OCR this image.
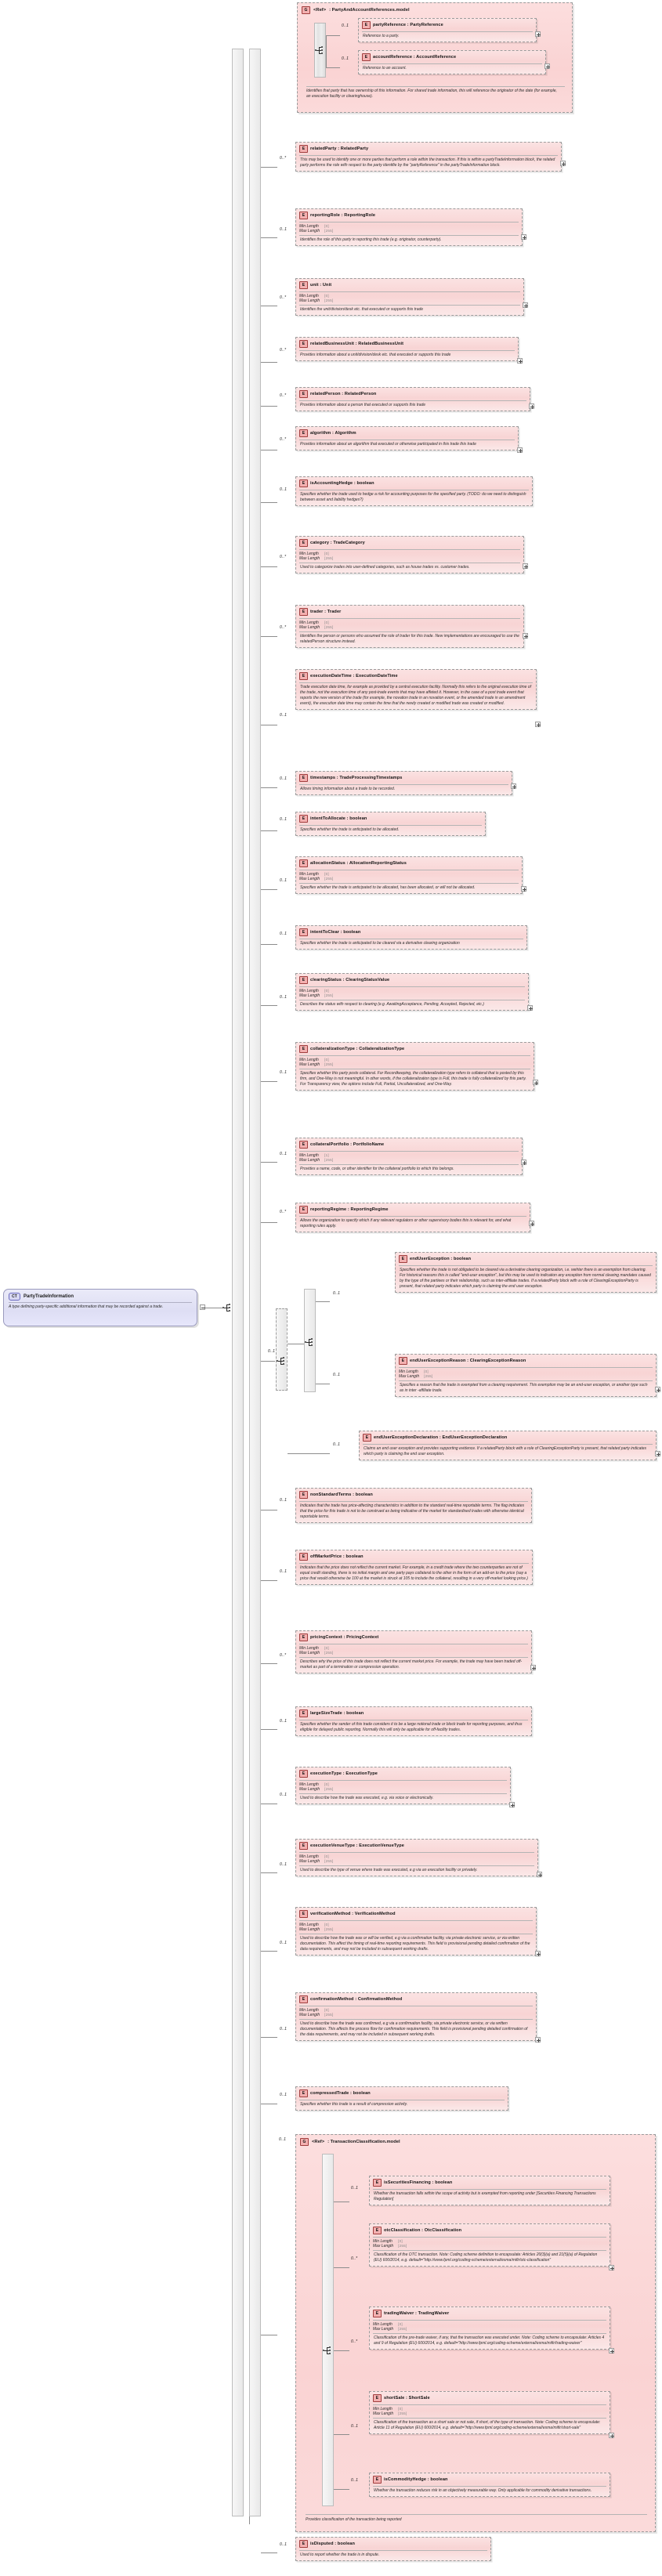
G	<Ref> : PartyAndAccountReferences.model
Identifies that party that has ownership of this information. For shared trade information, this will reference the originator of the date (for example, an execution facility or clearinghouse).
0..1	E	partyReference : PartyReference
Reference to a party.
0..1	E	accountReference : AccountReference
Reference to an account.
CT	PartyTradeInformation
A type defining party-specific additional information that may be recorded against a trade.
0..*
E	relatedParty : RelatedParty
This may be used to identify one or more parties that perform a role within the transaction. If this is within a partyTradeInformation block, the related party performs the role with respect to the party identifie by the "partyReference" in the partyTradeInformation block.
0..1
E	reportingRole : ReportingRole
Min Length	[0]
Max Length [255]
Identifies the role of this party in reporting this trade (e.g. originator, counterparty).
0..*
E	unit : Unit
Min Length	[0]
Max Length [255]
Identifies the unit/division/desk etc. that executed or supports this trade
0..*
E	relatedBusinessUnit : RelatedBusinessUnit
Provides information about a unit/division/desk etc. that executed or supports this trade
0..*	E	relatedPerson : RelatedPerson
Provides information about a person that executed or supports this trade
0..*
E	algorithm : Algorithm
Provides information about an algorithm that executed or otherwise participated in this trade this trade
0..1
E	isAccountingHedge : boolean
Specifies whether the trade used to hedge a risk for accounting purposes for the specified party. (TODO: do we need to distinguish between asset and liability hedges?)
0..*
E	category : TradeCategory
Min Length	[0]
Max Length [255]
Used to categorize trades into user-defined categories, such as house trades vs. customer trades.
0..*
E	trader : Trader
Min Length	[0]
Max Length [255]
Identifies the person or persons who assumed the role of trader for this trade. New implementations are encouraged to use the relatedPerson structure instead.
0..1
E	executionDateTime : ExecutionDateTime
Trade execution date time, for example as provided by a central execution facility. Normally this refers to the original execution time of the trade, not the execution time of any post-trade events that may have affeted it. However, in the case of a post trade event that reports the new version of the trade (for example, the novation trade in an novation event, or the amended trade in an amendment event), the execution date time may contain the time that the newly created or modified trade was created or modified.
0..1	E	timestamps : TradeProcessingTimestamps
Allows timing information about a trade to be recorded.
0..1	E	intentToAllocate : boolean
Specifies whether the trade is anticipated to be allocated.
0..1
E	allocationStatus : AllocationReportingStatus
Min Length	[0]
Max Length [255]
Specifies whether the trade is anticipated to be allocated, has been allocated, or will not be allocated.
0..1	E	intentToClear : boolean
Specifies whether the trade is anticipated to be cleared via a derivative clearing organization
0..1
E	clearingStatus : ClearingStatusValue
Min Length	[0]
Max Length [255]
Describes the status with respect to clearing (e.g. AwaitingAcceptance, Pending, Accepted, Rejected, etc.)
0..1
E	collateralizationType : CollateralizationType
Min Length	[0]
Max Length [255]
Specifies whether this party posts collateral. For Recordkeeping, the collateralization type refers to collateral that is posted by this firm, and One-Way is not meaningful. In other words, if the collateralization type is Full, this trade is fully collateralized by this party. For Transparency view, the options include Full, Partial, Uncollateralized, and One-Way.
0..1
E	collateralPortfolio : PortfolioName
Min Length	[1]
Max Length [255]
Provides a name, code, or other identifier for the collateral portfolio to which this belongs.
0..*	E	reportingRegime : ReportingRegime
Allows the organization to specify which if any relevant regulators or other supervisory bodies this is relevant for, and what reporting rules apply.
0..1
0..1
E	endUserException : boolean
Specifies whether the trade is not obligated to be cleared via a derivative clearing organization, i.e. wehter there is an exemption from clearing. For historical reasons this is called "end-user exception", but this may be used to indication any exception from normal clearing mandates caused by the type of the partiees or their relationship, such as inter-affiliate trades. If a relatedParty block with a role of ClearingExceptionParty is present, that related party indicates which party is claiming the end user exception.
0..1
E	endUserExceptionReason : ClearingExceptionReason
Min Length	[0]
Max Length [255]
Specifies a reason that the trade is exempted from a clearing requirement. This exemption may be an end-user exception, or another type such as in inter -affiliate trade.
0..1
E	endUserExceptionDeclaration : EndUserExceptionDeclaration
Claims an end user exception and provides supporting evidence. If a relatedParty block with a role of ClearingExceptionParty is present, that related party indicates which party is claiming the end user exception.
0..1
E	nonStandardTerms : boolean
Indicates that the trade has price-affecting characteristics in addition to the standard real-time reportable terms. The flag indicates that the price for this trade is not to be construed as being indicative of the market for standardised trades with otherwise identical reportable terms.
0..1
E	offMarketPrice : boolean
Indicates that the price does not reflect the current market. For example, in a credit trade where the two counterparties are not of equal credit standing, there is no initial margin and one party pays collateral to the other in the form of an add-on to the price (say a price that would otherwise be 100 at the market is struck at 105 to include the collateral, resulting in a very off-market looking price.)
0..*
E	pricingContext : PricingContext
Min Length	[0]
Max Length [255]
Describes why the price of this trade does not reflect the current market price. For example, the trade may have been traded off-market as part of a termination or compression operation.
0..1
E	largeSizeTrade : boolean
Specifies whether the sender of this trade considers it to be a large notional trade or block trade for reporting purposes, and thus eligible for delayed public reporting. Normally this will only be applicable for off-facility trades.
0..1
E	executionType : ExecutionType
Min Length	[0]
Max Length [255]
Used to describe how the trade was executed, e.g. via voice or electronically.
0..1
E	executionVenueType : ExecutionVenueType
Min Length	[0]
Max Length [255]
Used to describe the type of venue where trade was executed, e.g via an execution facility or privately.
0..1
E	verificationMethod : VerificationMethod
Min Length	[0]
Max Length [255]
Used to describe how the trade was or will be verified, e.g via a confirmation facility, via private electronic service, or via written documentation. This affect the timing of real-time reporting requirements. This field is provisional pending detailed confirmation of the data requirements, and may not be included in subsequent working drafts.
0..1
E	confirmationMethod : ConfirmationMethod
Min Length	[0]
Max Length [255]
Used to describe how the trade was confirmed, e.g via a confirmation facility, via private electronic service, or via written documentation. This affects the process flow for confirmation requirements. This field is provisional pending detailed confirmation of the data requirements, and may not be included in subsequent working drafts.
0..1	E	compressedTrade : boolean
Specifies whether this trade is a result of compression activity.
0..1	G	<Ref> : TransactionClassification.model
Provides classification of the transaction being reported
0..1
E	isSecuritiesFinancing : boolean
Whether the transaction falls within the scope of activity but is exempted from reporting under [Securities Financing Transactions Regulation]
0..*
E	otcClassification : OtcClassification
Min Length	[0]
Max Length [255]
Classification of the OTC transaction. Note: Coding scheme definition to encapsulate: Articles 20(3)(a) and 21(5)(a) of Regulation (EU) 600/2014, e.g. default="http://www.fpml.org/coding-scheme/external/esma/mifir/otc-classification"
0..*
E	tradingWaiver : TradingWaiver
Min Length	[0]
Max Length [255]
Classification of the pre-trade waiver, if any, that the transaction was executed under. Note: Coding scheme to encapsulate: Articles 4 and 9 of Regulation (EU) 600/2014, e.g. default="http://www.fpml.org/coding-scheme/external/esma/mifir/trading-waiver"
0..1
E	shortSale : ShortSale
Min Length	[0]
Max Length [255]
Classification of the transaction as a short sale or not sale, if short, of the type of transaction. Note: Coding scheme to encapsulate: Article 11 of Regulation (EU) 600/2014, e.g. default="http://www.fpml.org/coding-scheme/external/esma/mifir/short-sale"
0..1	E	isCommodityHedge : boolean
Whether the transaction reduces risk in an objectively measurable way. Only applicable for commodity derivative transactions.
0..1	E	isDisputed : boolean
Used to report whether the trade is in dispute.
